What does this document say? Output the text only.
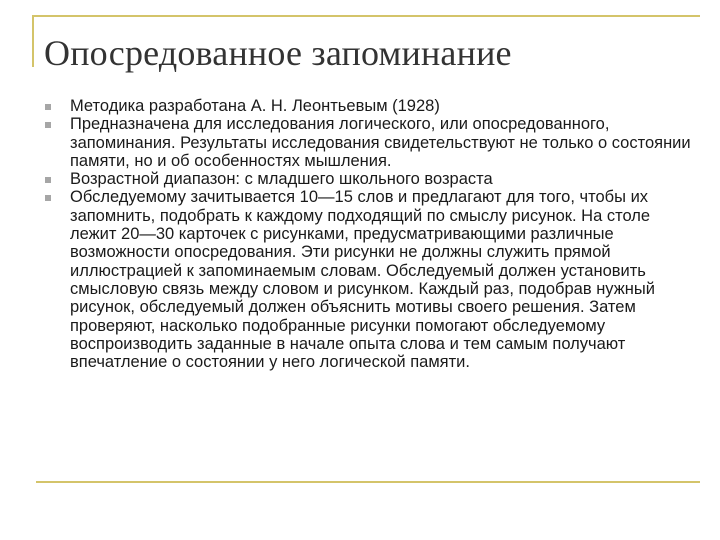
Опосредованное запоминание
Методика разработана А. Н. Леонтьевым (1928)
Предназначена для исследования логического, или опосредованного, запоминания. Результаты исследования свидетельствуют не только о состоянии памяти, но и об особенностях мышления.
Возрастной диапазон: с младшего школьного возраста
Обследуемому зачитывается 10—15 слов и предлагают для того, чтобы их запомнить, подобрать к каждому подходящий по смыслу рисунок. На столе лежит 20—30 карточек с рисунками, предусматривающими различные возможности опосредования. Эти рисунки не должны служить прямой иллюстрацией к запоминаемым словам. Обследуемый должен установить смысловую связь между словом и рисунком. Каждый раз, подобрав нужный рисунок, обследуемый должен объяснить мотивы своего решения. Затем проверяют, насколько подобранные рисунки помогают обследуемому воспроизводить заданные в начале опыта слова и тем самым получают впечатление о состоянии у него логической памяти.
